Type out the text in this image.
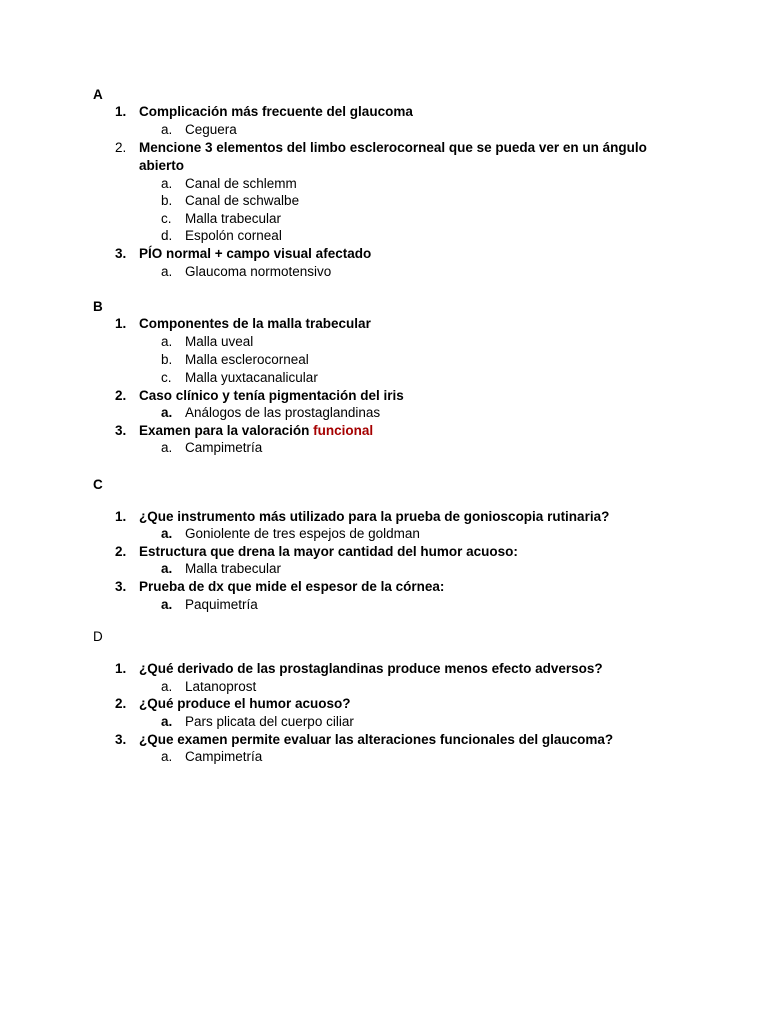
A
1. Complicación más frecuente del glaucoma
a. Ceguera
2. Mencione 3 elementos del limbo esclerocorneal que se pueda ver en un ángulo
abierto
a. Canal de schlemm
b. Canal de schwalbe
c. Malla trabecular
d. Espolón corneal
3. PÍO normal + campo visual afectado
a. Glaucoma normotensivo
B
1. Componentes de la malla trabecular
a. Malla uveal
b. Malla esclerocorneal
c. Malla yuxtacanalicular
2. Caso clínico y tenía pigmentación del iris
a. Análogos de las prostaglandinas
3. Examen para la valoración funcional
a. Campimetría
C
1. ¿Que instrumento más utilizado para la prueba de gonioscopia rutinaria?
a. Goniolente de tres espejos de goldman
2. Estructura que drena la mayor cantidad del humor acuoso:
a. Malla trabecular
3. Prueba de dx que mide el espesor de la córnea:
a. Paquimetría
D
1. ¿Qué derivado de las prostaglandinas produce menos efecto adversos?
a. Latanoprost
2. ¿Qué produce el humor acuoso?
a. Pars plicata del cuerpo ciliar
3. ¿Que examen permite evaluar las alteraciones funcionales del glaucoma?
a. Campimetría
